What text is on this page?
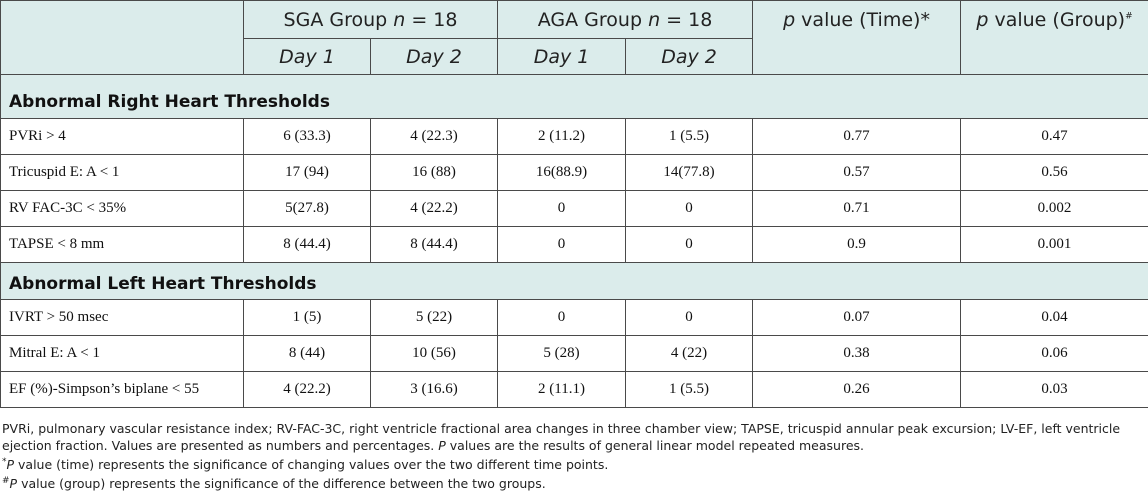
	SGA Group n = 18		AGA Group n = 18		p value (Time)*	p value (Group)#
	Day 1	Day 2	Day 1	Day 2		
Abnormal Right Heart Thresholds						
PVRi > 4	6 (33.3)	4 (22.3)	2 (11.2)	1 (5.5)	0.77	0.47
Tricuspid E: A < 1	17 (94)	16 (88)	16(88.9)	14(77.8)	0.57	0.56
RV FAC-3C < 35%	5(27.8)	4 (22.2)	0	0	0.71	0.002
TAPSE < 8 mm	8 (44.4)	8 (44.4)	0	0	0.9	0.001
Abnormal Left Heart Thresholds						
IVRT > 50 msec	1 (5)	5 (22)	0	0	0.07	0.04
Mitral E: A < 1	8 (44)	10 (56)	5 (28)	4 (22)	0.38	0.06
EF (%)-Simpson’s biplane < 55	4 (22.2)	3 (16.6)	2 (11.1)	1 (5.5)	0.26	0.03

PVRi, pulmonary vascular resistance index; RV-FAC-3C, right ventricle fractional area changes in three chamber view; TAPSE, tricuspid annular peak excursion; LV-EF, left ventricle ejection fraction. Values are presented as numbers and percentages. P values are the results of general linear model repeated measures.

*P value (time) represents the significance of changing values over the two different time points.

#P value (group) represents the significance of the difference between the two groups.
